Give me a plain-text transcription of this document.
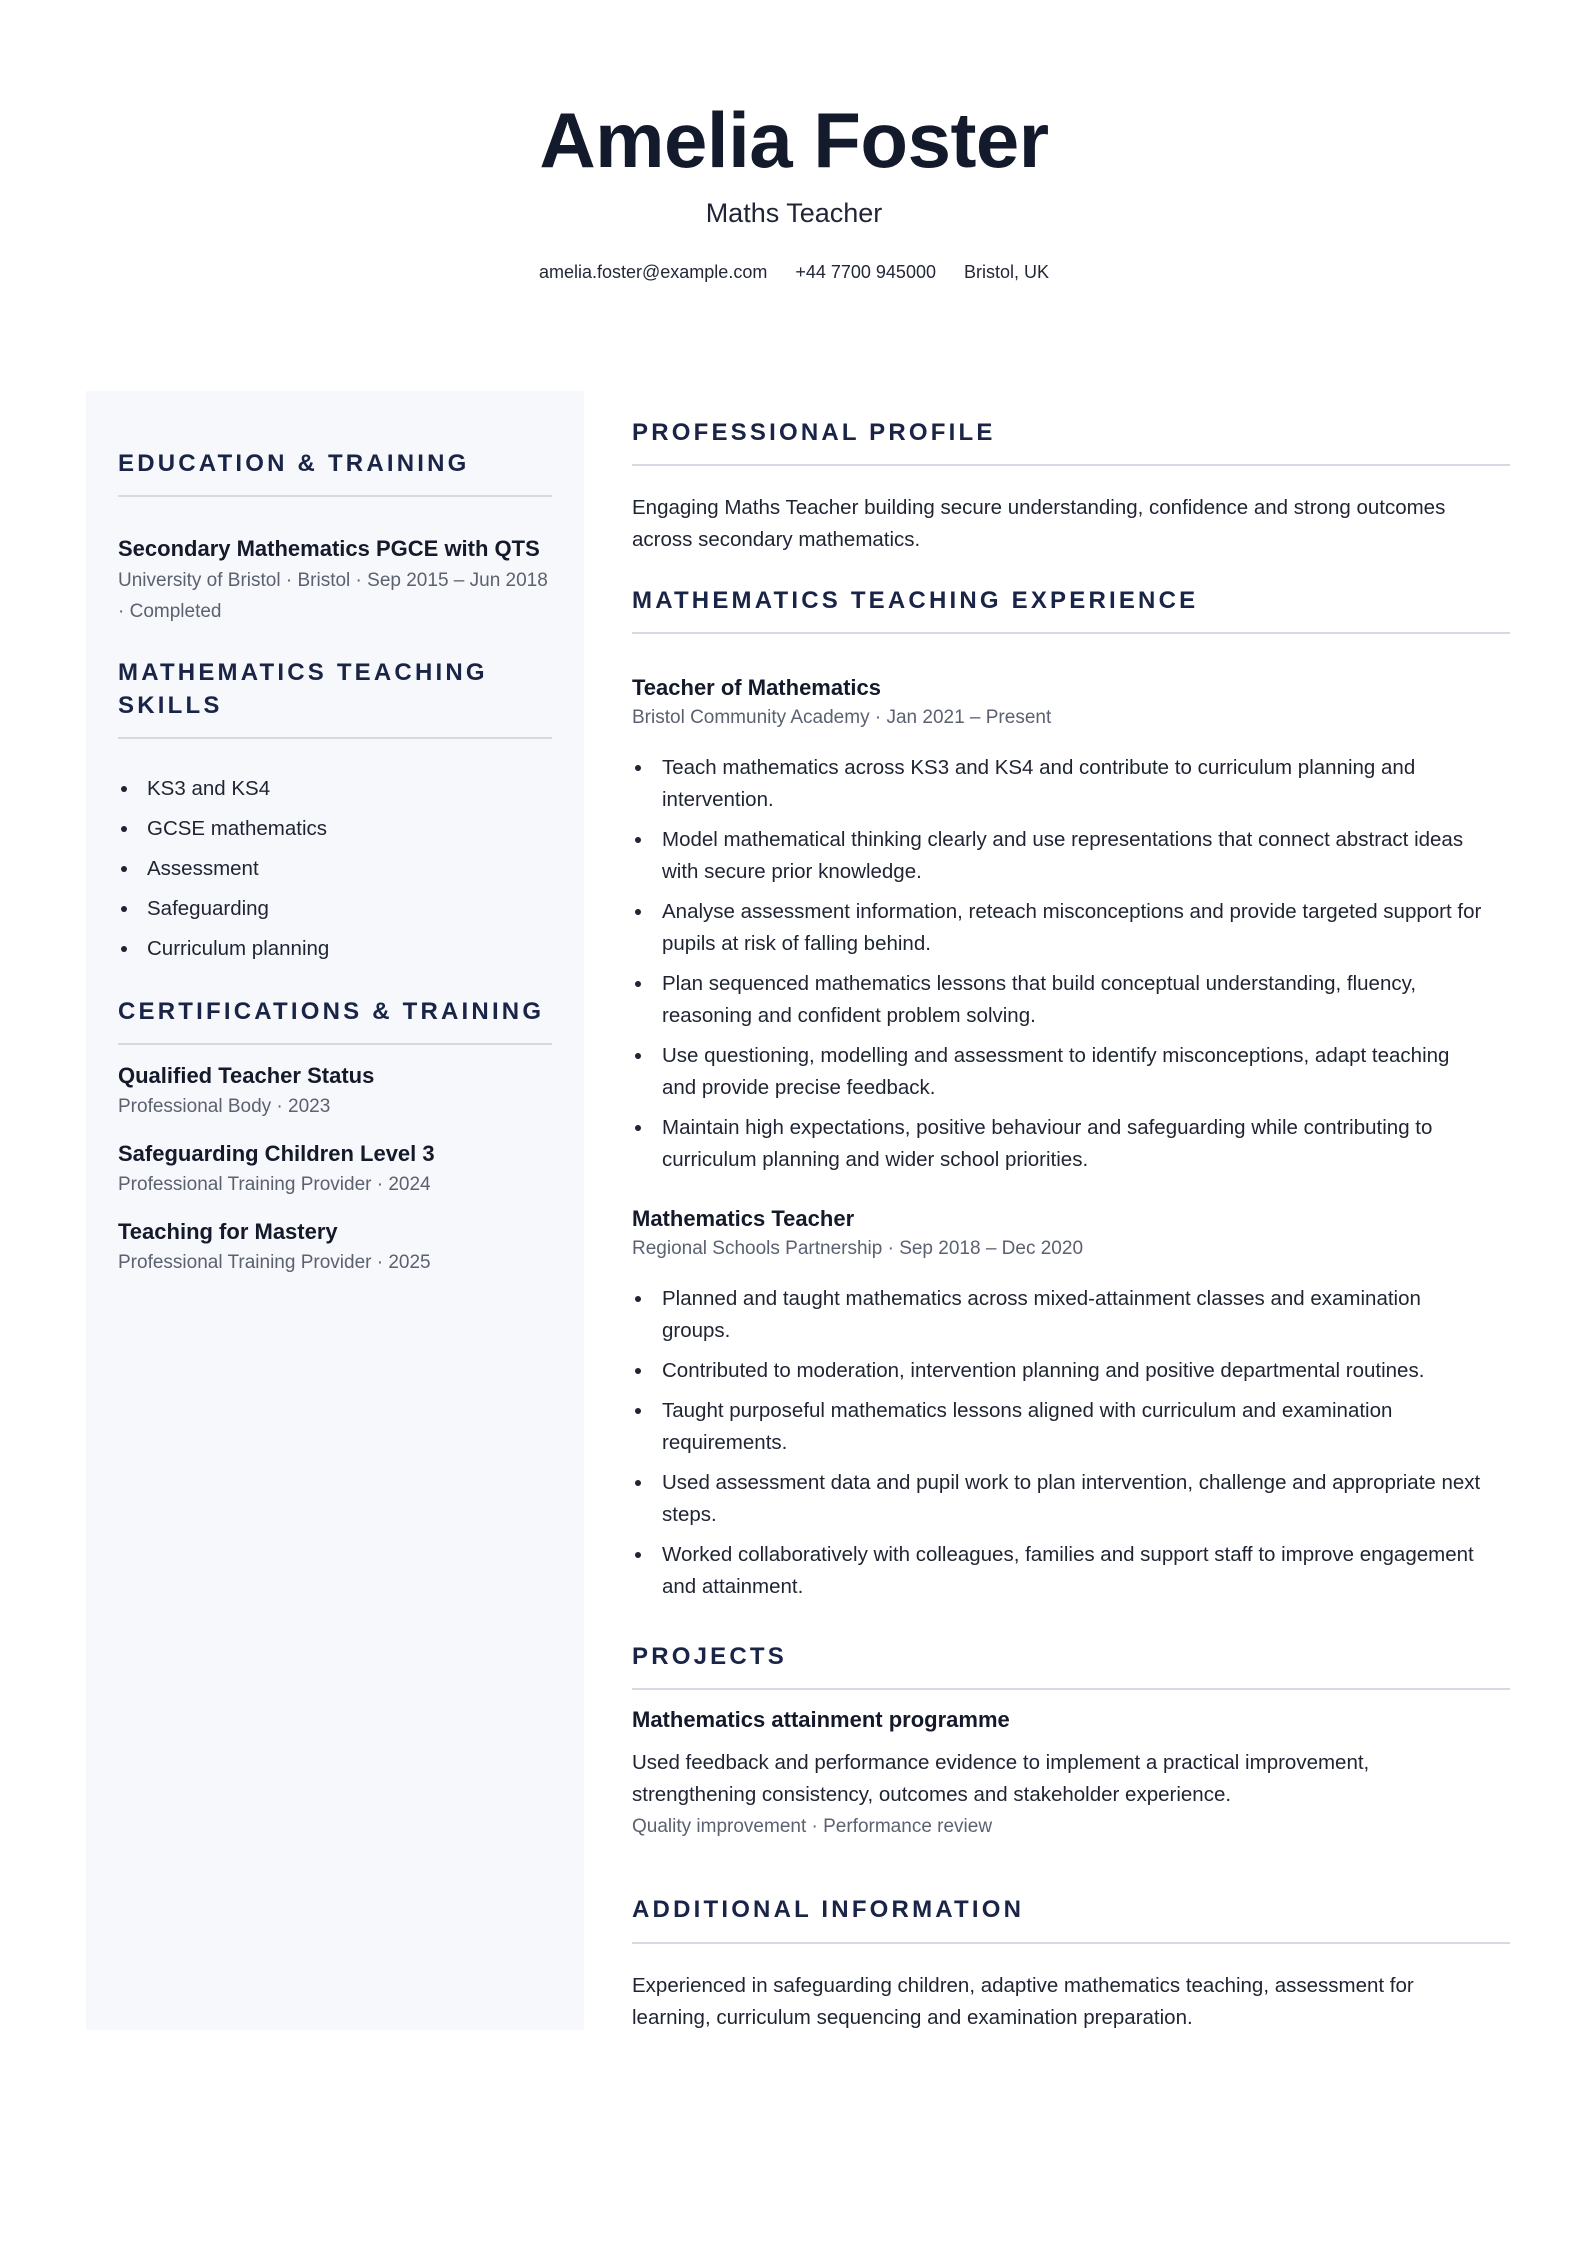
Amelia Foster
Maths Teacher
amelia.foster@example.com +44 7700 945000 Bristol, UK
EDUCATION & TRAINING
Secondary Mathematics PGCE with QTS
University of Bristol · Bristol · Sep 2015 – Jun 2018
· Completed
MATHEMATICS TEACHING
SKILLS
KS3 and KS4
GCSE mathematics
Assessment
Safeguarding
Curriculum planning
CERTIFICATIONS & TRAINING
Qualified Teacher Status
Professional Body · 2023
Safeguarding Children Level 3
Professional Training Provider · 2024
Teaching for Mastery
Professional Training Provider · 2025
PROFESSIONAL PROFILE
Engaging Maths Teacher building secure understanding, confidence and strong outcomes
across secondary mathematics.
MATHEMATICS TEACHING EXPERIENCE
Teacher of Mathematics
Bristol Community Academy · Jan 2021 – Present
Teach mathematics across KS3 and KS4 and contribute to curriculum planning and
intervention.
Model mathematical thinking clearly and use representations that connect abstract ideas
with secure prior knowledge.
Analyse assessment information, reteach misconceptions and provide targeted support for
pupils at risk of falling behind.
Plan sequenced mathematics lessons that build conceptual understanding, fluency,
reasoning and confident problem solving.
Use questioning, modelling and assessment to identify misconceptions, adapt teaching
and provide precise feedback.
Maintain high expectations, positive behaviour and safeguarding while contributing to
curriculum planning and wider school priorities.
Mathematics Teacher
Regional Schools Partnership · Sep 2018 – Dec 2020
Planned and taught mathematics across mixed-attainment classes and examination
groups.
Contributed to moderation, intervention planning and positive departmental routines.
Taught purposeful mathematics lessons aligned with curriculum and examination
requirements.
Used assessment data and pupil work to plan intervention, challenge and appropriate next
steps.
Worked collaboratively with colleagues, families and support staff to improve engagement
and attainment.
PROJECTS
Mathematics attainment programme
Used feedback and performance evidence to implement a practical improvement,
strengthening consistency, outcomes and stakeholder experience.
Quality improvement · Performance review
ADDITIONAL INFORMATION
Experienced in safeguarding children, adaptive mathematics teaching, assessment for
learning, curriculum sequencing and examination preparation.
